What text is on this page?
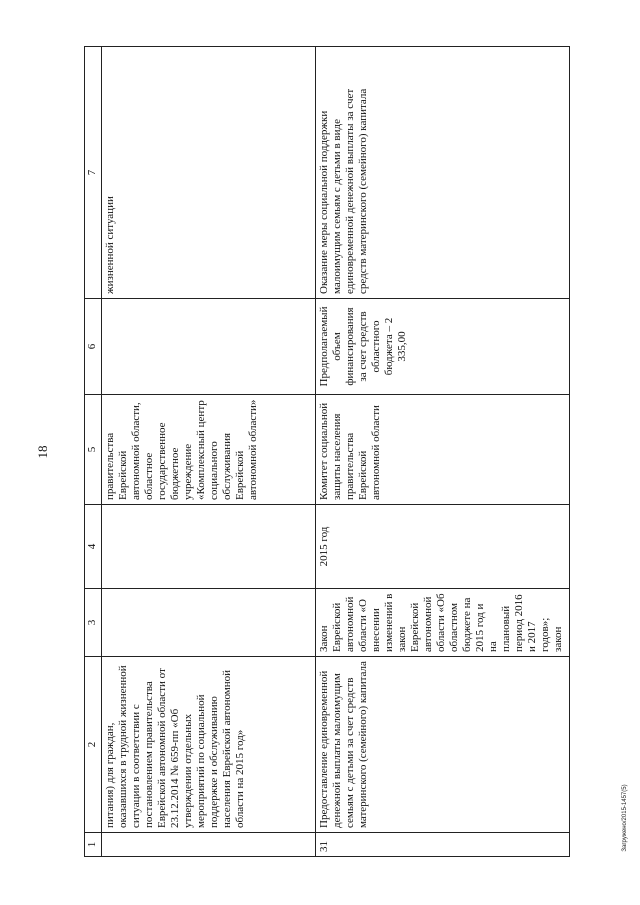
18
1	2	3	4	5	6	7
	питания) для граждан, оказавшихся в трудной жизненной ситуации в соответствии с постановлением правительства Еврейской автономной области от 23.12.2014 № 659-пп «Об утверждении отдельных мероприятий по социальной поддержке и обслуживанию населения Еврейской автономной области на 2015 год»			правительства Еврейской автономной области, областное государственное бюджетное учреждение «Комплексный центр социального обслуживания Еврейской автономной области»		жизненной ситуации
31	Предоставление единовременной денежной выплаты малоимущим семьям с детьми за счет средств материнского (семейного) капитала	Закон Еврейской автономной области «О внесении изменений в закон Еврейской автономной области «Об областном бюджете на 2015 год и на плановый период 2016 и 2017 годов»; закон	2015 год	Комитет социальной защиты населения правительства Еврейской автономной области	Предполагаемый объем финансирования за счет средств областного бюджета – 2 335,00	Оказание меры социальной поддержки малоимущим семьям с детьми в виде единовременной денежной выплаты за счет средств материнского (семейного) капитала
Загружено/2015-1457(5)
